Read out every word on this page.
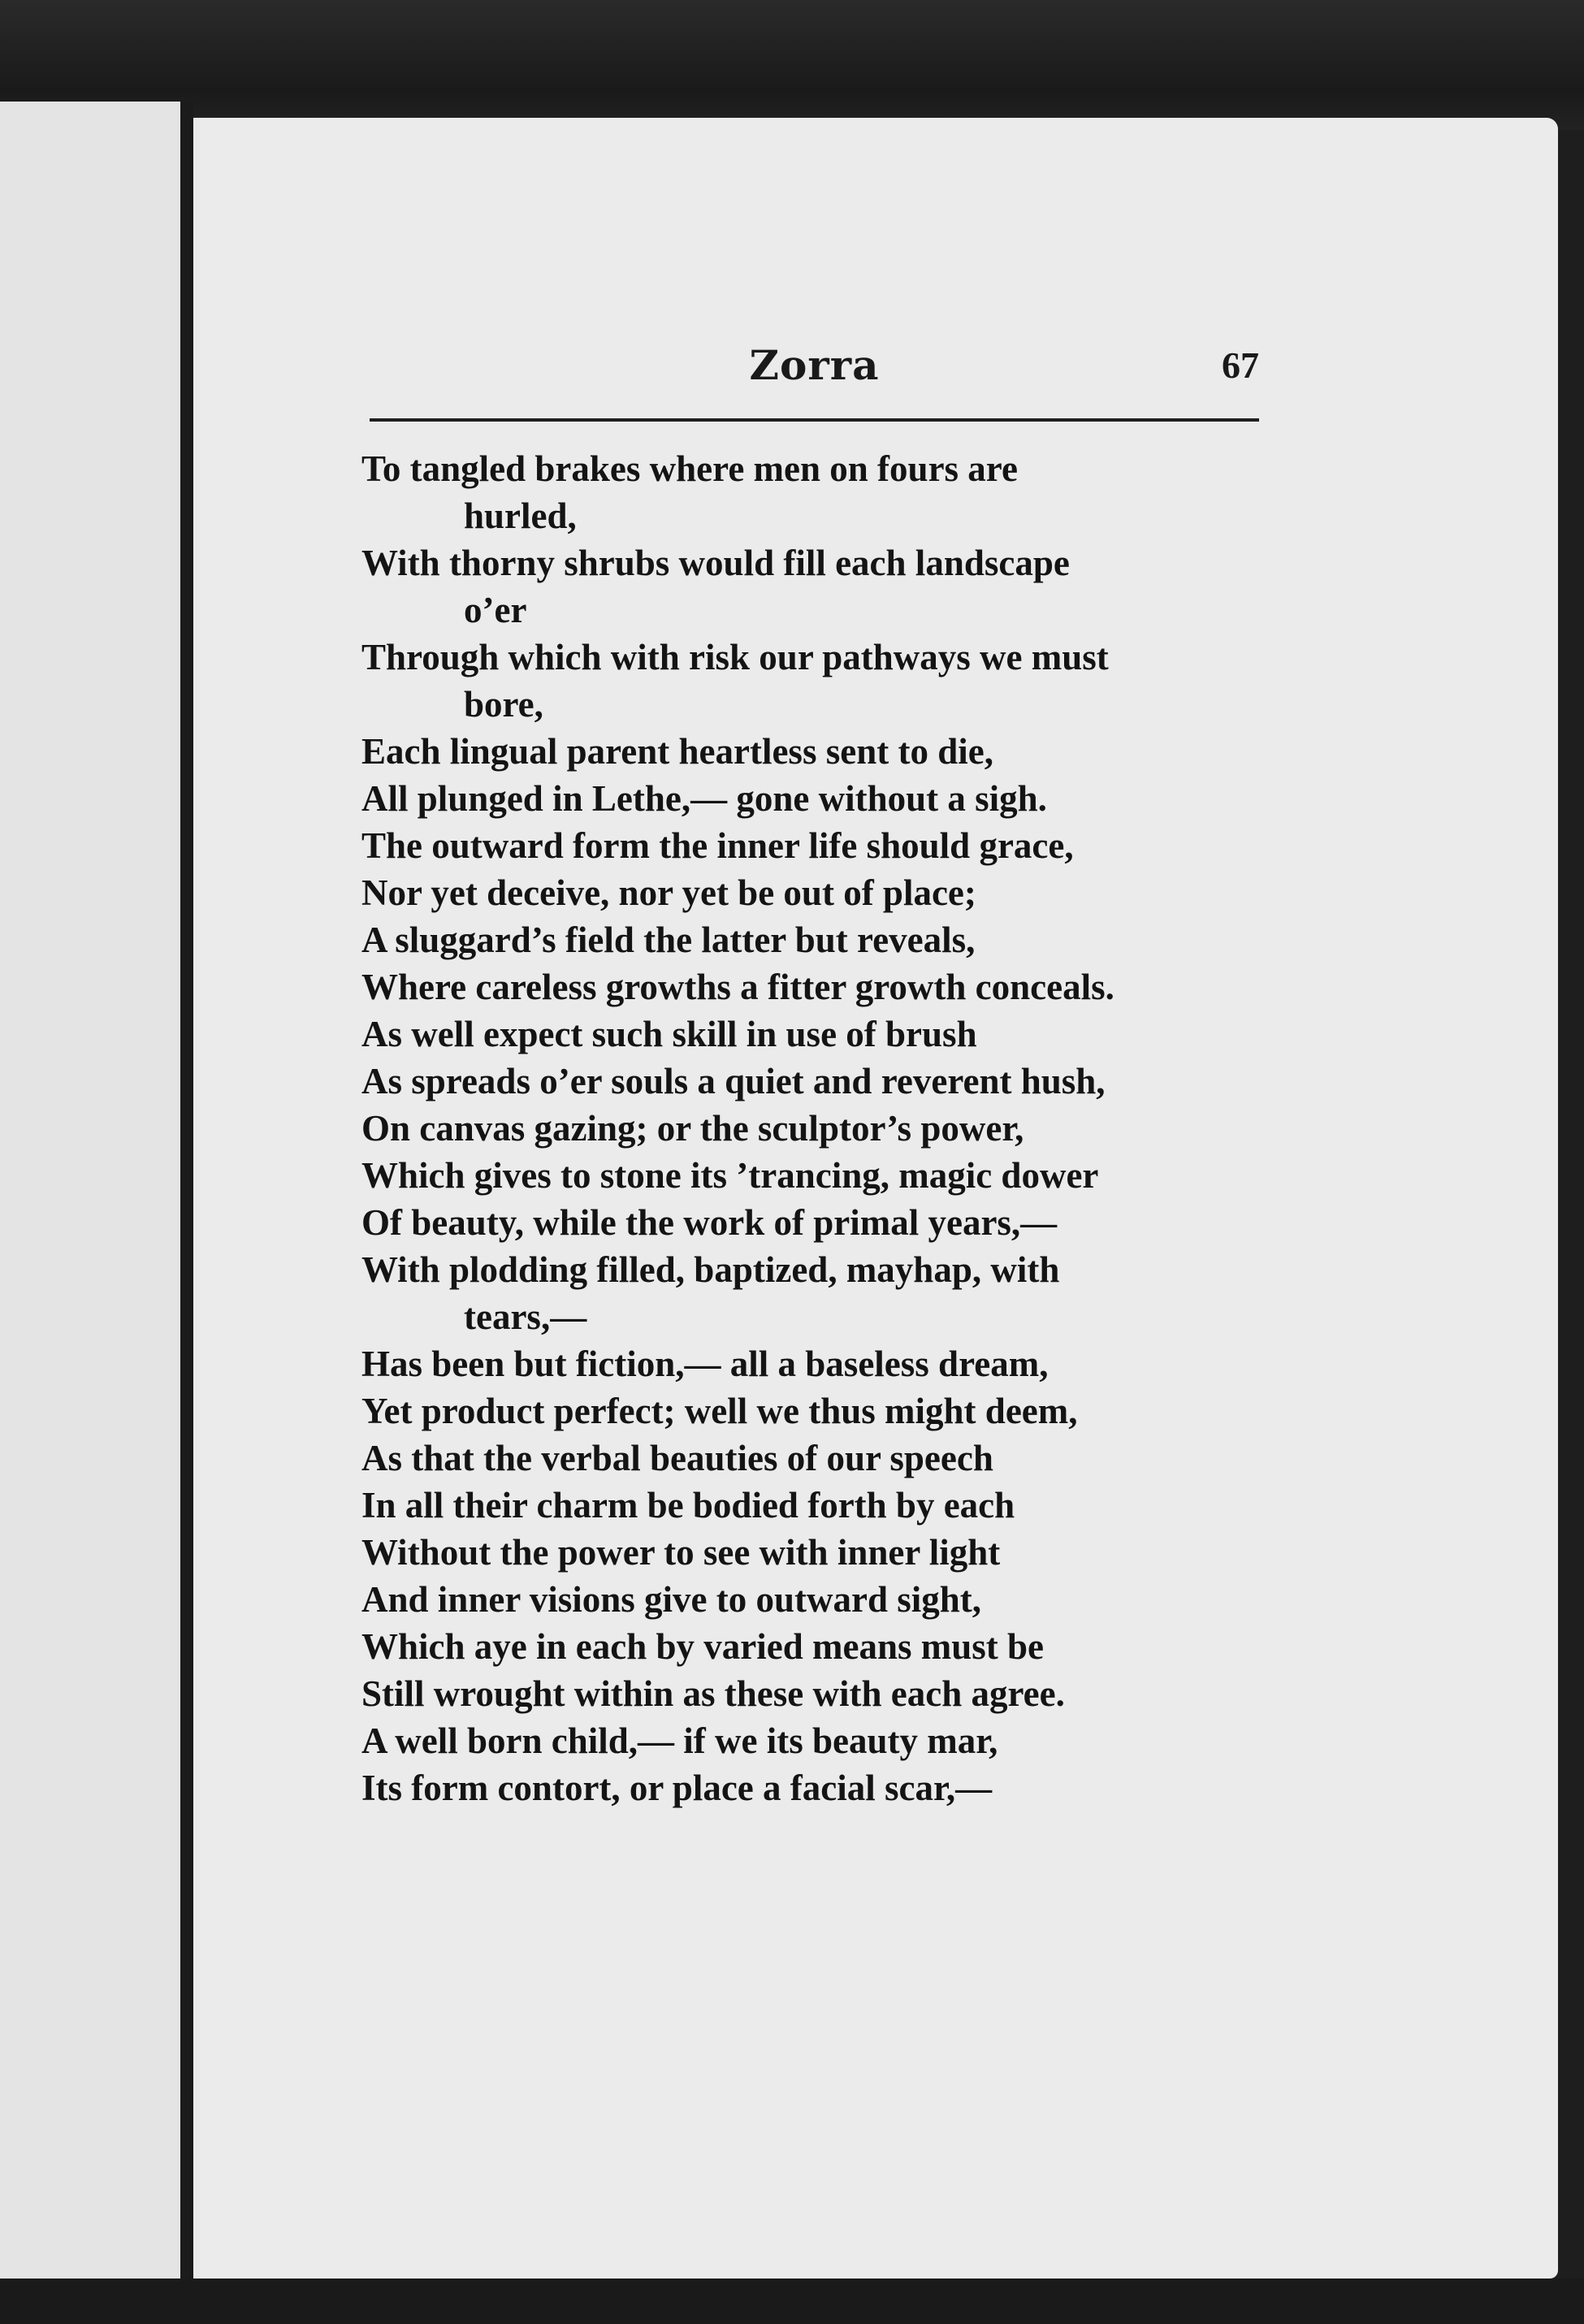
Zorra	67
To tangled brakes where men on fours are
hurled,
With thorny shrubs would fill each landscape
o’er
Through which with risk our pathways we must
bore,
Each lingual parent heartless sent to die,
All plunged in Lethe,— gone without a sigh.
The outward form the inner life should grace,
Nor yet deceive, nor yet be out of place;
A sluggard’s field the latter but reveals,
Where careless growths a fitter growth conceals.
As well expect such skill in use of brush
As spreads o’er souls a quiet and reverent hush,
On canvas gazing; or the sculptor’s power,
Which gives to stone its ’trancing, magic dower
Of beauty, while the work of primal years,—
With plodding filled, baptized, mayhap, with
tears,—
Has been but fiction,— all a baseless dream,
Yet product perfect; well we thus might deem,
As that the verbal beauties of our speech
In all their charm be bodied forth by each
Without the power to see with inner light
And inner visions give to outward sight,
Which aye in each by varied means must be
Still wrought within as these with each agree.
A well born child,— if we its beauty mar,
Its form contort, or place a facial scar,—
